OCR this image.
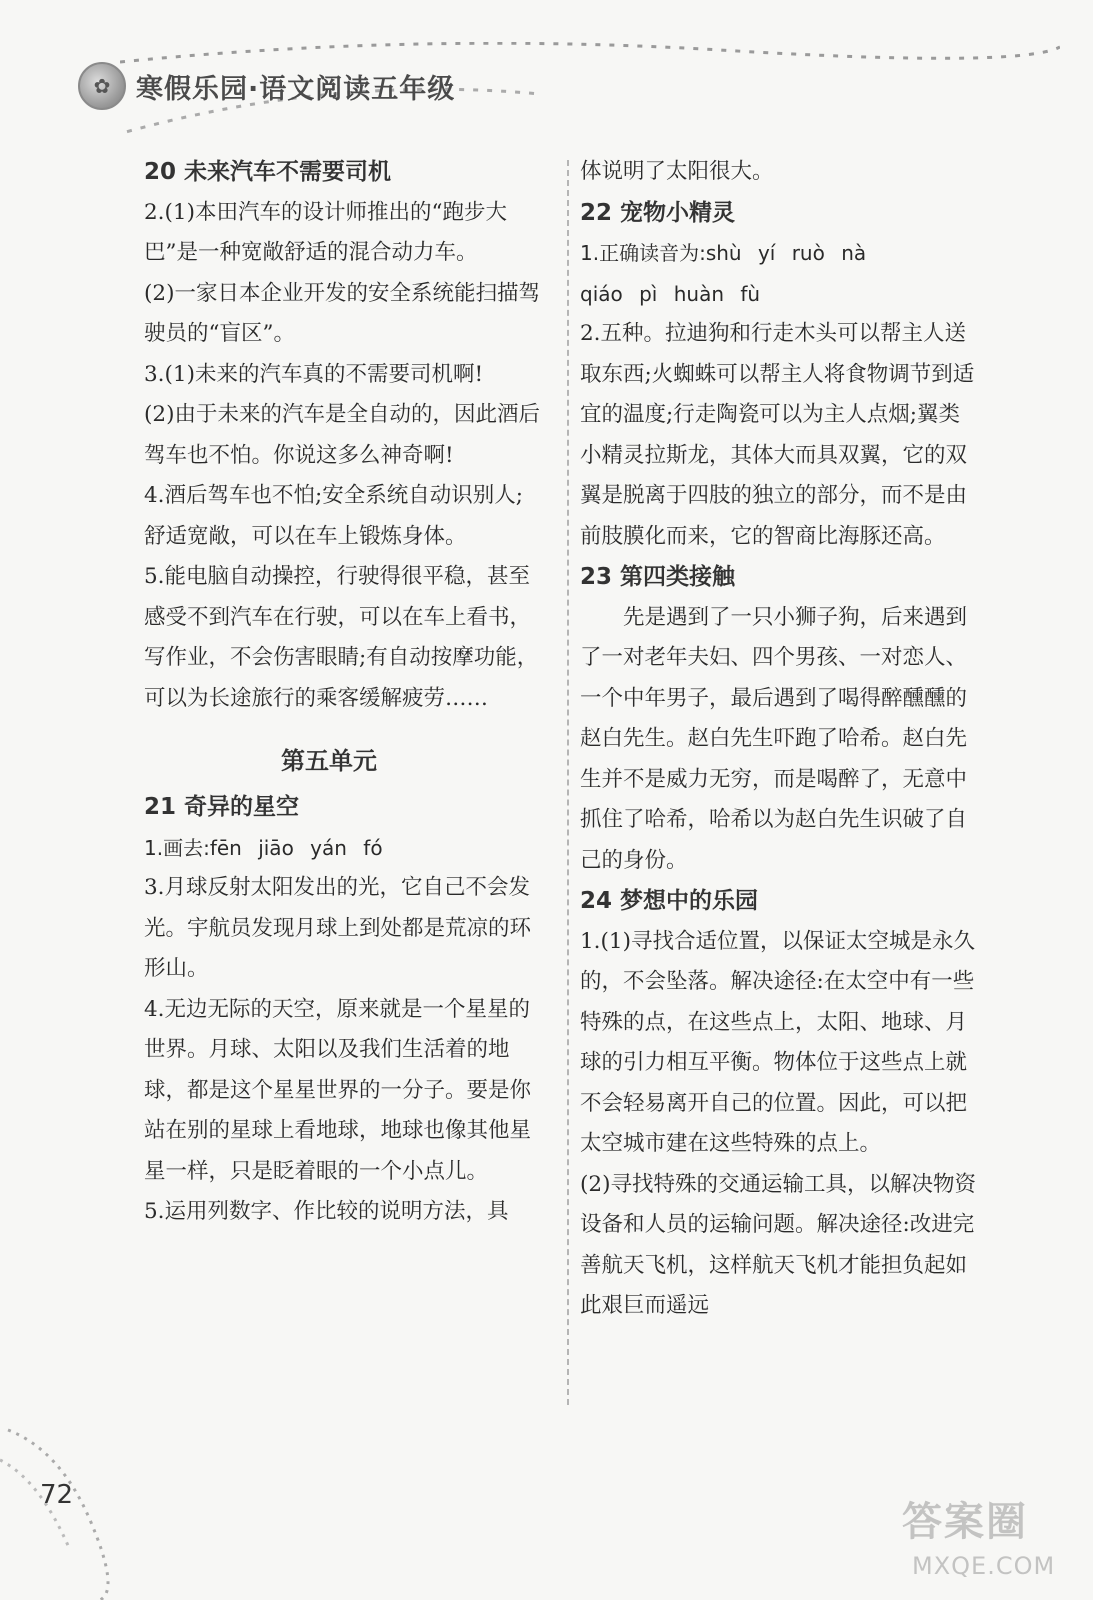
✿ 寒假乐园·语文阅读五年级
20 未来汽车不需要司机
2.(1)本田汽车的设计师推出的“跑步大巴”是一种宽敞舒适的混合动力车。
(2)一家日本企业开发的安全系统能扫描驾驶员的“盲区”。
3.(1)未来的汽车真的不需要司机啊!
(2)由于未来的汽车是全自动的，因此酒后驾车也不怕。你说这多么神奇啊!
4.酒后驾车也不怕;安全系统自动识别人;舒适宽敞，可以在车上锻炼身体。
5.能电脑自动操控，行驶得很平稳，甚至感受不到汽车在行驶，可以在车上看书，写作业，不会伤害眼睛;有自动按摩功能，可以为长途旅行的乘客缓解疲劳……
第五单元
21 奇异的星空
1.画去:fēn jiāo yán fó
3.月球反射太阳发出的光，它自己不会发光。宇航员发现月球上到处都是荒凉的环形山。
4.无边无际的天空，原来就是一个星星的世界。月球、太阳以及我们生活着的地球，都是这个星星世界的一分子。要是你站在别的星球上看地球，地球也像其他星星一样，只是眨着眼的一个小点儿。
5.运用列数字、作比较的说明方法，具
体说明了太阳很大。
22 宠物小精灵
1.正确读音为:shù yí ruò nà
qiáo pì huàn fù
2.五种。拉迪狗和行走木头可以帮主人送取东西;火蜘蛛可以帮主人将食物调节到适宜的温度;行走陶瓷可以为主人点烟;翼类小精灵拉斯龙，其体大而具双翼，它的双翼是脱离于四肢的独立的部分，而不是由前肢膜化而来，它的智商比海豚还高。
23 第四类接触
先是遇到了一只小狮子狗，后来遇到了一对老年夫妇、四个男孩、一对恋人、一个中年男子，最后遇到了喝得醉醺醺的赵白先生。赵白先生吓跑了哈希。赵白先生并不是威力无穷，而是喝醉了，无意中抓住了哈希，哈希以为赵白先生识破了自己的身份。
24 梦想中的乐园
1.(1)寻找合适位置，以保证太空城是永久的，不会坠落。解决途径:在太空中有一些特殊的点，在这些点上，太阳、地球、月球的引力相互平衡。物体位于这些点上就不会轻易离开自己的位置。因此，可以把太空城市建在这些特殊的点上。
(2)寻找特殊的交通运输工具，以解决物资设备和人员的运输问题。解决途径:改进完善航天飞机，这样航天飞机才能担负起如此艰巨而遥远
72
答案圈
MXQE.COM
